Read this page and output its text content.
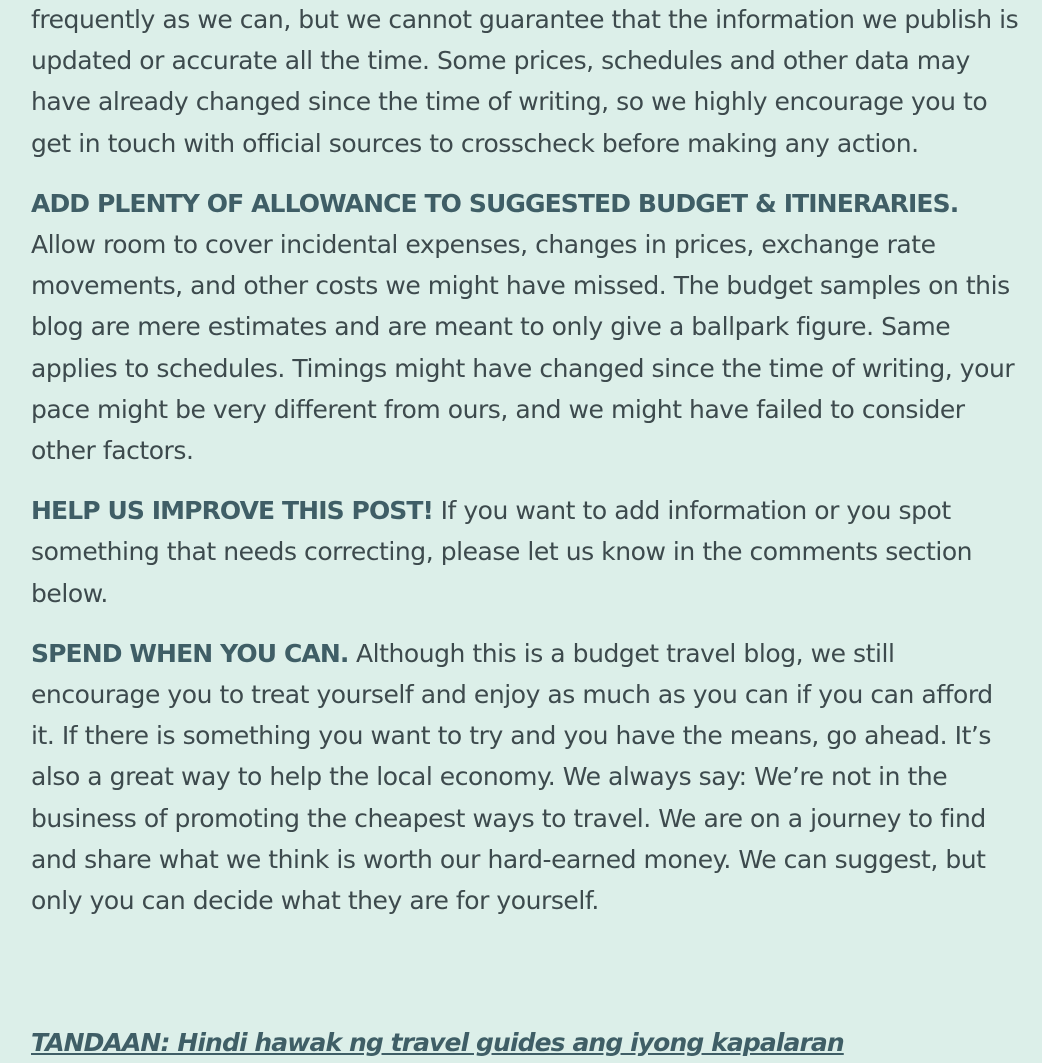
frequently as we can, but we cannot guarantee that the information we publish is updated or accurate all the time. Some prices, schedules and other data may have already changed since the time of writing, so we highly encourage you to get in touch with official sources to crosscheck before making any action.

ADD PLENTY OF ALLOWANCE TO SUGGESTED BUDGET & ITINERARIES.
Allow room to cover incidental expenses, changes in prices, exchange rate movements, and other costs we might have missed. The budget samples on this blog are mere estimates and are meant to only give a ballpark figure. Same applies to schedules. Timings might have changed since the time of writing, your pace might be very different from ours, and we might have failed to consider other factors.

HELP US IMPROVE THIS POST! If you want to add information or you spot something that needs correcting, please let us know in the comments section below.

SPEND WHEN YOU CAN. Although this is a budget travel blog, we still encourage you to treat yourself and enjoy as much as you can if you can afford it. If there is something you want to try and you have the means, go ahead. It’s also a great way to help the local economy. We always say: We’re not in the business of promoting the cheapest ways to travel. We are on a journey to find and share what we think is worth our hard-earned money. We can suggest, but only you can decide what they are for yourself.

TANDAAN: Hindi hawak ng travel guides ang iyong kapalaran
